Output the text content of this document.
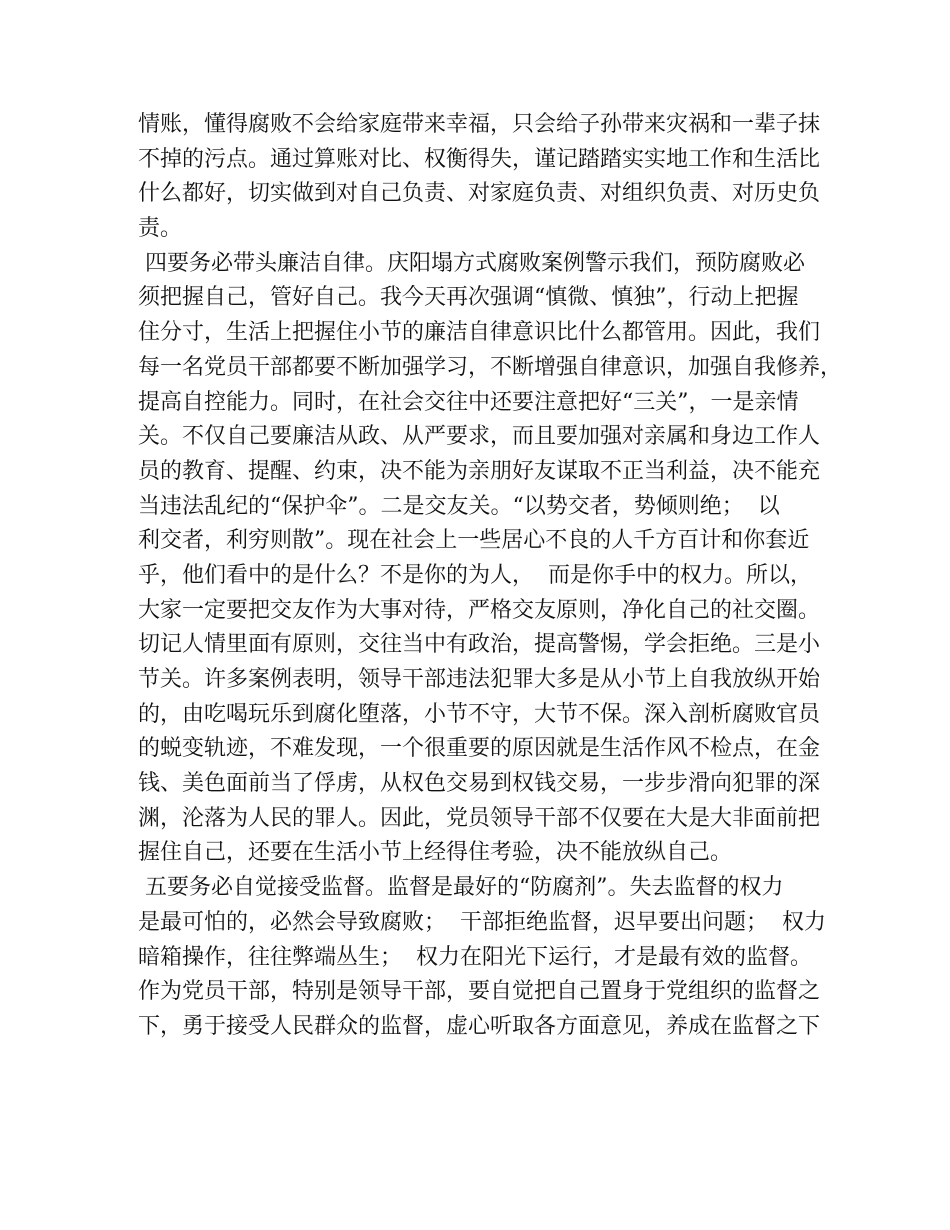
情账，懂得腐败不会给家庭带来幸福，只会给子孙带来灾祸和一辈子抹
不掉的污点。通过算账对比、权衡得失，谨记踏踏实实地工作和生活比
什么都好，切实做到对自己负责、对家庭负责、对组织负责、对历史负
责。
四要务必带头廉洁自律。庆阳塌方式腐败案例警示我们，预防腐败必
须把握自己，管好自己。我今天再次强调“慎微、慎独”，行动上把握
住分寸，生活上把握住小节的廉洁自律意识比什么都管用。因此，我们
每一名党员干部都要不断加强学习，不断增强自律意识，加强自我修养，
提高自控能力。同时，在社会交往中还要注意把好“三关”，一是亲情
关。不仅自己要廉洁从政、从严要求，而且要加强对亲属和身边工作人
员的教育、提醒、约束，决不能为亲朋好友谋取不正当利益，决不能充
当违法乱纪的“保护伞”。二是交友关。“以势交者，势倾则绝；  以
利交者，利穷则散”。现在社会上一些居心不良的人千方百计和你套近
乎，他们看中的是什么？不是你的为人，  而是你手中的权力。所以，
大家一定要把交友作为大事对待，严格交友原则，净化自己的社交圈。
切记人情里面有原则，交往当中有政治，提高警惕，学会拒绝。三是小
节关。许多案例表明，领导干部违法犯罪大多是从小节上自我放纵开始
的，由吃喝玩乐到腐化堕落，小节不守，大节不保。深入剖析腐败官员
的蜕变轨迹，不难发现，一个很重要的原因就是生活作风不检点，在金
钱、美色面前当了俘虏，从权色交易到权钱交易，一步步滑向犯罪的深
渊，沦落为人民的罪人。因此，党员领导干部不仅要在大是大非面前把
握住自己，还要在生活小节上经得住考验，决不能放纵自己。
五要务必自觉接受监督。监督是最好的“防腐剂”。失去监督的权力
是最可怕的，必然会导致腐败；  干部拒绝监督，迟早要出问题；  权力
暗箱操作，往往弊端丛生；  权力在阳光下运行，才是最有效的监督。
作为党员干部，特别是领导干部，要自觉把自己置身于党组织的监督之
下，勇于接受人民群众的监督，虚心听取各方面意见，养成在监督之下
